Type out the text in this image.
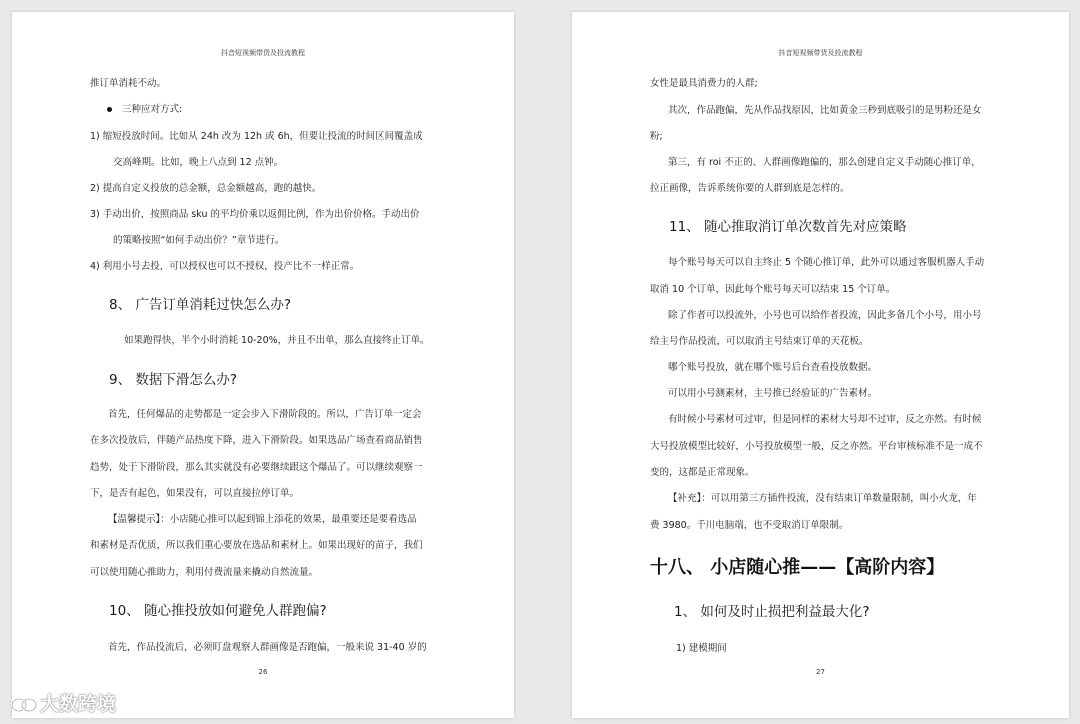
抖音短视频带货及投流教程
推订单消耗不动。
三种应对方式:
1) 缩短投放时间。比如从 24h 改为 12h 或 6h，但要让投流的时间区间覆盖成
交高峰期。比如，晚上八点到 12 点钟。
2) 提高自定义投放的总金额，总金额越高，跑的越快。
3) 手动出价，按照商品 sku 的平均价乘以返佣比例，作为出价价格。手动出价
的策略按照“如何手动出价？”章节进行。
4) 利用小号去投，可以授权也可以不授权，投产比不一样正常。
8、 广告订单消耗过快怎么办?
如果跑得快，半个小时消耗 10-20%，并且不出单，那么直接终止订单。
9、 数据下滑怎么办?
首先，任何爆品的走势都是一定会步入下滑阶段的。所以，广告订单一定会
在多次投放后，伴随产品热度下降，进入下滑阶段。如果选品广场查看商品销售
趋势，处于下滑阶段，那么其实就没有必要继续跟这个爆品了。可以继续观察一
下，是否有起色，如果没有，可以直接拉停订单。
【温馨提示】：小店随心推可以起到锦上添花的效果，最重要还是要看选品
和素材是否优质，所以我们重心要放在选品和素材上。如果出现好的苗子，我们
可以使用随心推助力，利用付费流量来撬动自然流量。
10、 随心推投放如何避免人群跑偏?
首先，作品投流后，必须盯盘观察人群画像是否跑偏，一般来说 31-40 岁的
26
抖音短视频带货及投流教程
女性是最具消费力的人群;
其次，作品跑偏，先从作品找原因，比如黄金三秒到底吸引的是男粉还是女
粉;
第三，有 roi 不正的、人群画像跑偏的，那么创建自定义手动随心推订单，
拉正画像，告诉系统你要的人群到底是怎样的。
11、 随心推取消订单次数首先对应策略
每个账号每天可以自主终止 5 个随心推订单，此外可以通过客服机器人手动
取消 10 个订单，因此每个账号每天可以结束 15 个订单。
除了作者可以投流外，小号也可以给作者投流，因此多备几个小号，用小号
给主号作品投流，可以取消主号结束订单的天花板。
哪个账号投放，就在哪个账号后台查看投放数据。
可以用小号测素材，主号推已经验证的广告素材。
有时候小号素材可过审，但是同样的素材大号却不过审，反之亦然。有时候
大号投放模型比较好，小号投放模型一般，反之亦然。平台审核标准不是一成不
变的，这都是正常现象。
【补充】：可以用第三方插件投流，没有结束订单数量限制，叫小火龙，年
费 3980。千川电脑端，也不受取消订单限制。
十八、 小店随心推——【高阶内容】
1、 如何及时止损把利益最大化?
1) 建模期间
27
大数跨境
